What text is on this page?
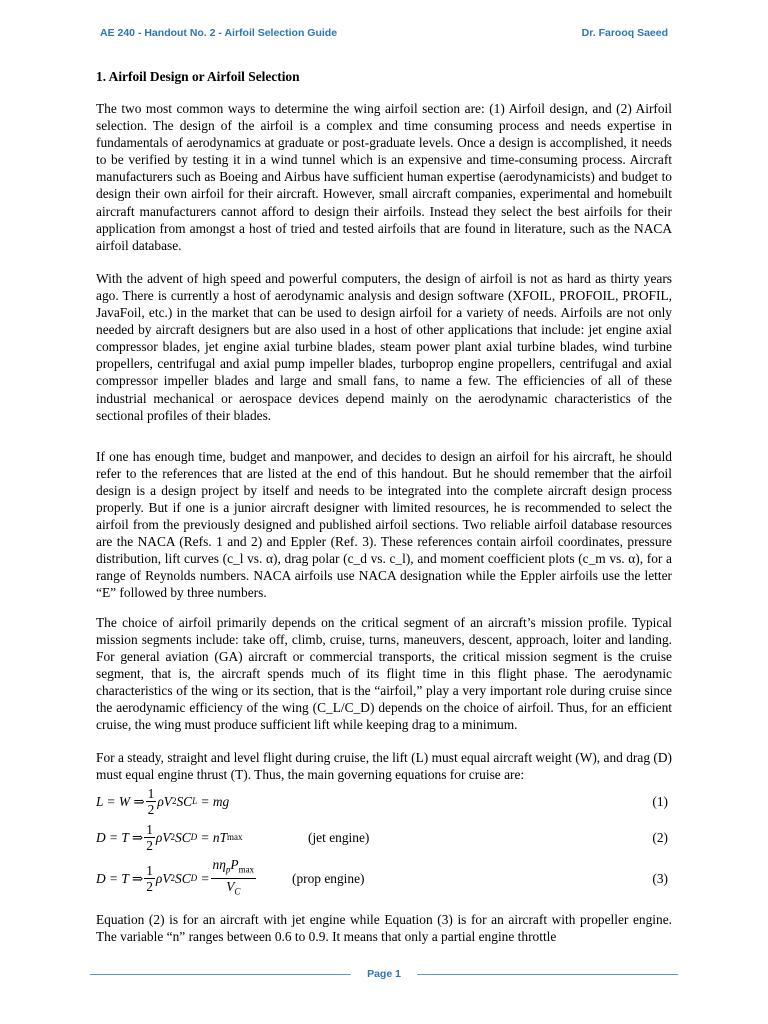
AE 240 - Handout No. 2 - Airfoil Selection Guide	Dr. Farooq Saeed
1. Airfoil Design or Airfoil Selection

The two most common ways to determine the wing airfoil section are: (1) Airfoil design, and (2) Airfoil selection. The design of the airfoil is a complex and time consuming process and needs expertise in fundamentals of aerodynamics at graduate or post-graduate levels. Once a design is accomplished, it needs to be verified by testing it in a wind tunnel which is an expensive and time-consuming process. Aircraft manufacturers such as Boeing and Airbus have sufficient human expertise (aerodynamicists) and budget to design their own airfoil for their aircraft. However, small aircraft companies, experimental and homebuilt aircraft manufacturers cannot afford to design their airfoils. Instead they select the best airfoils for their application from amongst a host of tried and tested airfoils that are found in literature, such as the NACA airfoil database.

With the advent of high speed and powerful computers, the design of airfoil is not as hard as thirty years ago. There is currently a host of aerodynamic analysis and design software (XFOIL, PROFOIL, PROFIL, JavaFoil, etc.) in the market that can be used to design airfoil for a variety of needs. Airfoils are not only needed by aircraft designers but are also used in a host of other applications that include: jet engine axial compressor blades, jet engine axial turbine blades, steam power plant axial turbine blades, wind turbine propellers, centrifugal and axial pump impeller blades, turboprop engine propellers, centrifugal and axial compressor impeller blades and large and small fans, to name a few. The efficiencies of all of these industrial mechanical or aerospace devices depend mainly on the aerodynamic characteristics of the sectional profiles of their blades.

If one has enough time, budget and manpower, and decides to design an airfoil for his aircraft, he should refer to the references that are listed at the end of this handout. But he should remember that the airfoil design is a design project by itself and needs to be integrated into the complete aircraft design process properly. But if one is a junior aircraft designer with limited resources, he is recommended to select the airfoil from the previously designed and published airfoil sections. Two reliable airfoil database resources are the NACA (Refs. 1 and 2) and Eppler (Ref. 3). These references contain airfoil coordinates, pressure distribution, lift curves (c_l vs. α), drag polar (c_d vs. c_l), and moment coefficient plots (c_m vs. α), for a range of Reynolds numbers. NACA airfoils use NACA designation while the Eppler airfoils use the letter “E” followed by three numbers.

The choice of airfoil primarily depends on the critical segment of an aircraft’s mission profile. Typical mission segments include: take off, climb, cruise, turns, maneuvers, descent, approach, loiter and landing. For general aviation (GA) aircraft or commercial transports, the critical mission segment is the cruise segment, that is, the aircraft spends much of its flight time in this flight phase. The aerodynamic characteristics of the wing or its section, that is the “airfoil,” play a very important role during cruise since the aerodynamic efficiency of the wing (C_L/C_D) depends on the choice of airfoil. Thus, for an efficient cruise, the wing must produce sufficient lift while keeping drag to a minimum.

For a steady, straight and level flight during cruise, the lift (L) must equal aircraft weight (W), and drag (D) must equal engine thrust (T). Thus, the main governing equations for cruise are:

L = W ⇒ $\frac{1}{2}$ ρV 2 SC L = mg	(1)
D = T ⇒ $\frac{1}{2}$ ρV 2 SC D = nT max	(jet engine)	(2)
D = T ⇒ $\frac{1}{2}$ ρV 2 SC $D = \frac{n\eta_pP_{max}}{V_C}$	(prop engine)	(3)

Equation (2) is for an aircraft with jet engine while Equation (3) is for an aircraft with propeller engine. The variable “n” ranges between 0.6 to 0.9. It means that only a partial engine throttle

Page 1
